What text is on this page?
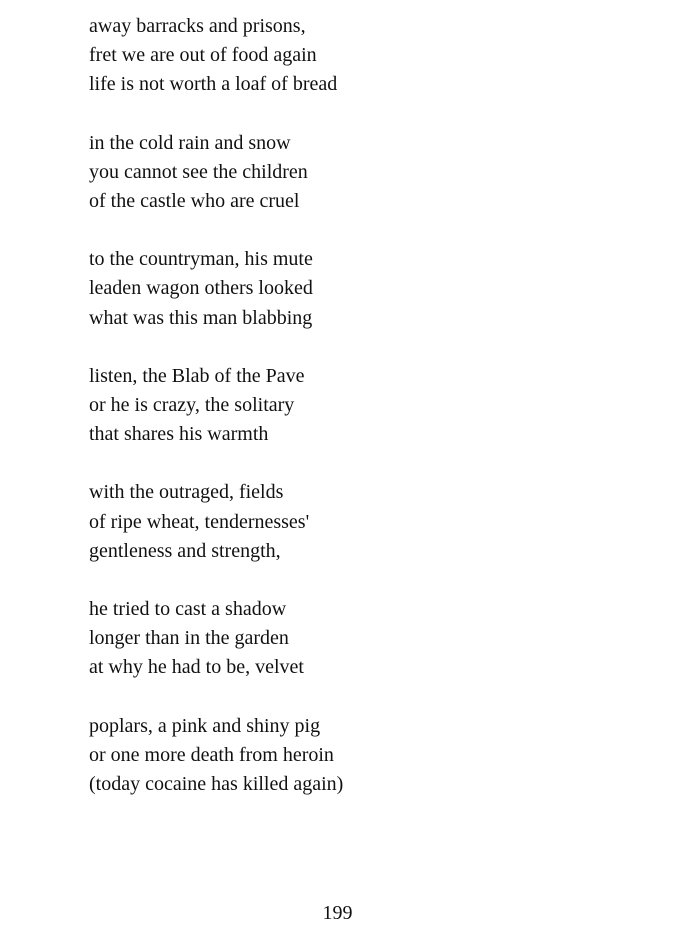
away barracks and prisons,
fret we are out of food again
life is not worth a loaf of bread
in the cold rain and snow
you cannot see the children
of the castle who are cruel
to the countryman, his mute
leaden wagon others looked
what was this man blabbing
listen, the Blab of the Pave
or he is crazy, the solitary
that shares his warmth
with the outraged, fields
of ripe wheat, tendernesses'
gentleness and strength,
he tried to cast a shadow
longer than in the garden
at why he had to be, velvet
poplars, a pink and shiny pig
or one more death from heroin
(today cocaine has killed again)
199
